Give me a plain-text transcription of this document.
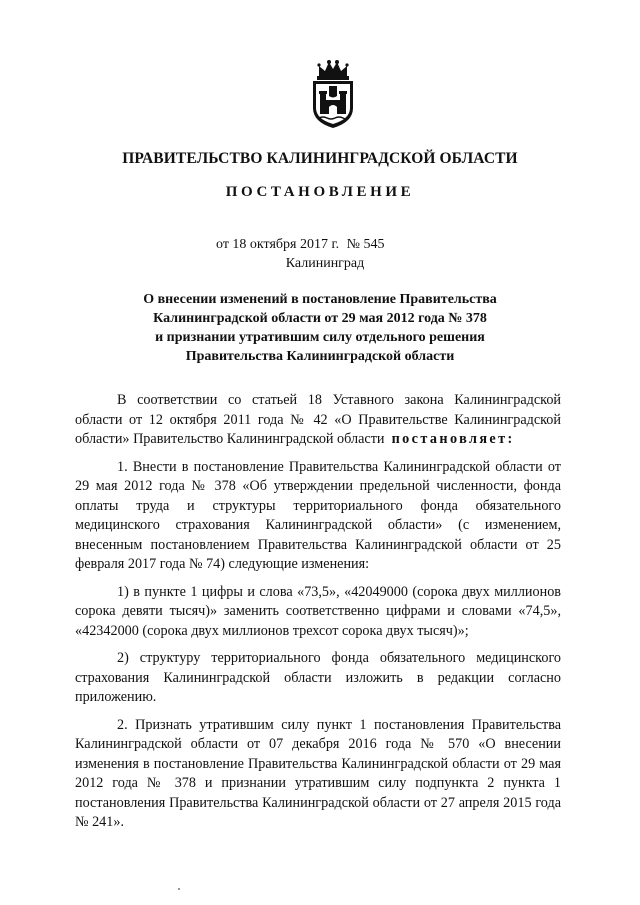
ПРАВИТЕЛЬСТВО КАЛИНИНГРАДСКОЙ ОБЛАСТИ
ПОСТАНОВЛЕНИЕ
от 18 октября 2017 г. № 545
Калининград
О внесении изменений в постановление Правительства
Калининградской области от 29 мая 2012 года № 378
и признании утратившим силу отдельного решения
Правительства Калининградской области

В соответствии со статьей 18 Уставного закона Калининградской области от 12 октября 2011 года № 42 «О Правительстве Калининградской области» Правительство Калининградской области постановляет:

1. Внести в постановление Правительства Калининградской области от 29 мая 2012 года № 378 «Об утверждении предельной численности, фонда оплаты труда и структуры территориального фонда обязательного медицинского страхования Калининградской области» (с изменением, внесенным постановлением Правительства Калининградской области от 25 февраля 2017 года № 74) следующие изменения:

1) в пункте 1 цифры и слова «73,5», «42049000 (сорока двух миллионов сорока девяти тысяч)» заменить соответственно цифрами и словами «74,5», «42342000 (сорока двух миллионов трехсот сорока двух тысяч)»;

2) структуру территориального фонда обязательного медицинского страхования Калининградской области изложить в редакции согласно приложению.

2. Признать утратившим силу пункт 1 постановления Правительства Калининградской области от 07 декабря 2016 года № 570 «О внесении изменения в постановление Правительства Калининградской области от 29 мая 2012 года № 378 и признании утратившим силу подпункта 2 пункта 1 постановления Правительства Калининградской области от 27 апреля 2015 года № 241».
